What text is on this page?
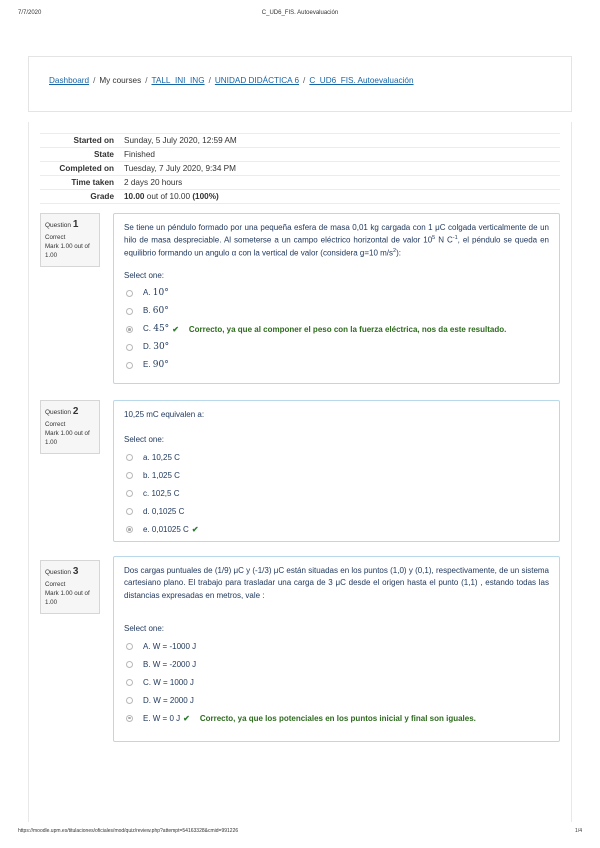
7/7/2020	C_UD6_FIS. Autoevaluación
Dashboard / My courses / TALL_INI_ING / UNIDAD DIDÁCTICA 6 / C_UD6_FIS. Autoevaluación
Started on	Sunday, 5 July 2020, 12:59 AM
State	Finished
Completed on	Tuesday, 7 July 2020, 9:34 PM
Time taken	2 days 20 hours
Grade	10.00 out of 10.00 (100%)
Question 1
Correct
Mark 1.00 out of 1.00
Se tiene un péndulo formado por una pequeña esfera de masa 0,01 kg cargada con 1 μC colgada verticalmente de un hilo de masa despreciable. Al someterse a un campo eléctrico horizontal de valor $10^5$ N $C^{-1}$, el péndulo se queda en equilibrio formando un angulo α con la vertical de valor (considera g=10 $m/s^2$):
Select one:
A. 10°
B. 60°
C. 45° ✔ Correcto, ya que al componer el peso con la fuerza eléctrica, nos da este resultado.
D. 30°
E. 90°
Question 2
Correct
Mark 1.00 out of 1.00
10,25 mC equivalen a:
Select one:
a. 10,25 C
b. 1,025 C
c. 102,5 C
d. 0,1025 C
e. 0,01025 C ✔
Question 3
Correct
Mark 1.00 out of 1.00
Dos cargas puntuales de (1/9) μC y (-1/3) μC están situadas en los puntos (1,0) y (0,1), respectivamente, de un sistema cartesiano plano. El trabajo para trasladar una carga de 3 μC desde el origen hasta el punto (1,1) , estando todas las distancias expresadas en metros, vale :
Select one:
A. W = -1000 J
B. W = -2000 J
C. W = 1000 J
D. W = 2000 J
E. W = 0 J ✔ Correcto, ya que los potenciales en los puntos inicial y final son iguales.
https://moodle.upm.es/titulaciones/oficiales/mod/quiz/review.php?attempt=54163328&cmid=991226	1/4
